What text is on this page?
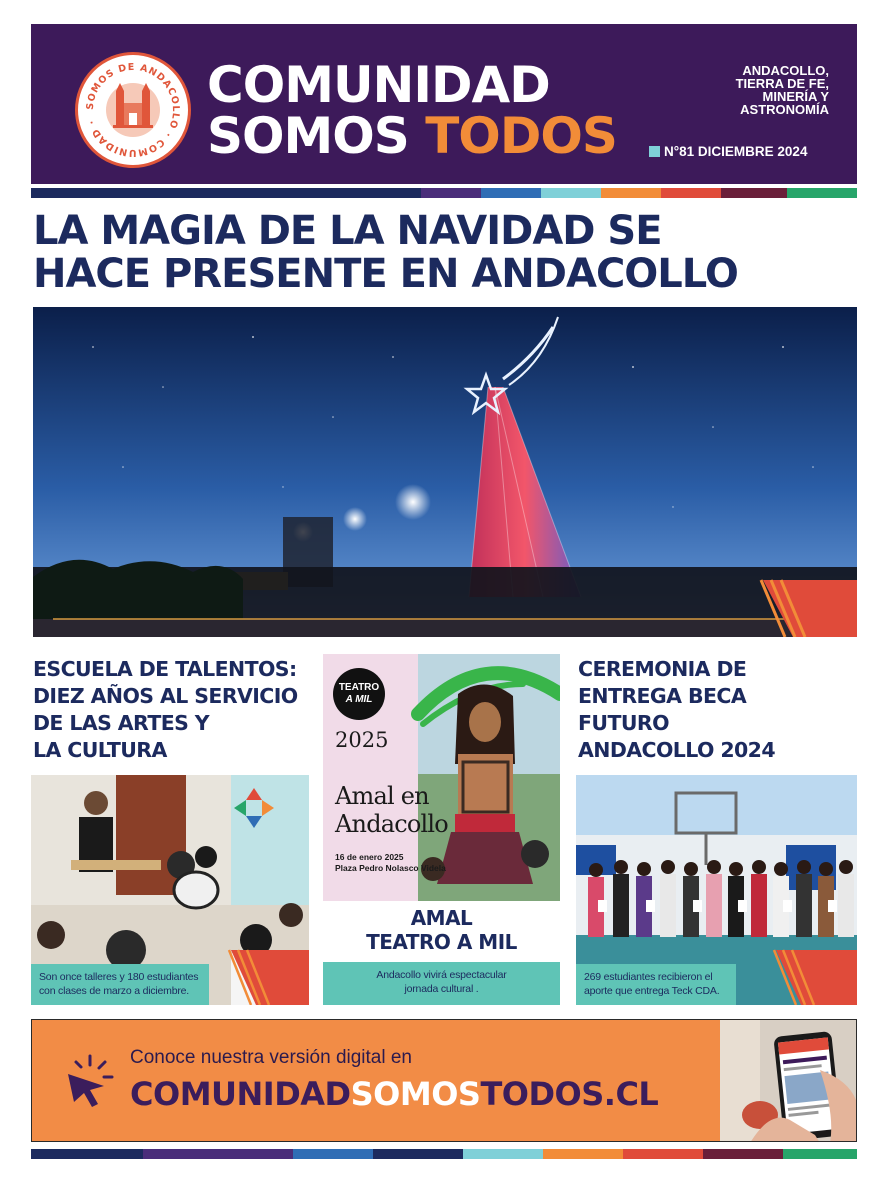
SOMOS DE ANDACOLLO · COMUNIDAD ·
COMUNIDAD
SOMOS TODOS
ANDACOLLO,
TIERRA DE FE,
MINERÍA Y
ASTRONOMÍA
N°81 DICIEMBRE 2024
LA MAGIA DE LA NAVIDAD SE
HACE PRESENTE EN ANDACOLLO
ESCUELA DE TALENTOS:
DIEZ AÑOS AL SERVICIO
DE LAS ARTES Y
LA CULTURA
Son once talleres y 180 estudiantes
con clases de marzo a diciembre.
TEATRO
A MIL
2025
Amal en
Andacollo
16 de enero 2025
Plaza Pedro Nolasco Videla
AMAL
TEATRO A MIL
Andacollo vivirá espectacular
jornada cultural .
CEREMONIA DE
ENTREGA BECA
FUTURO
ANDACOLLO 2024
269 estudiantes recibieron el
aporte que entrega Teck CDA.
Conoce nuestra versión digital en
COMUNIDADSOMOSTODOS.CL
